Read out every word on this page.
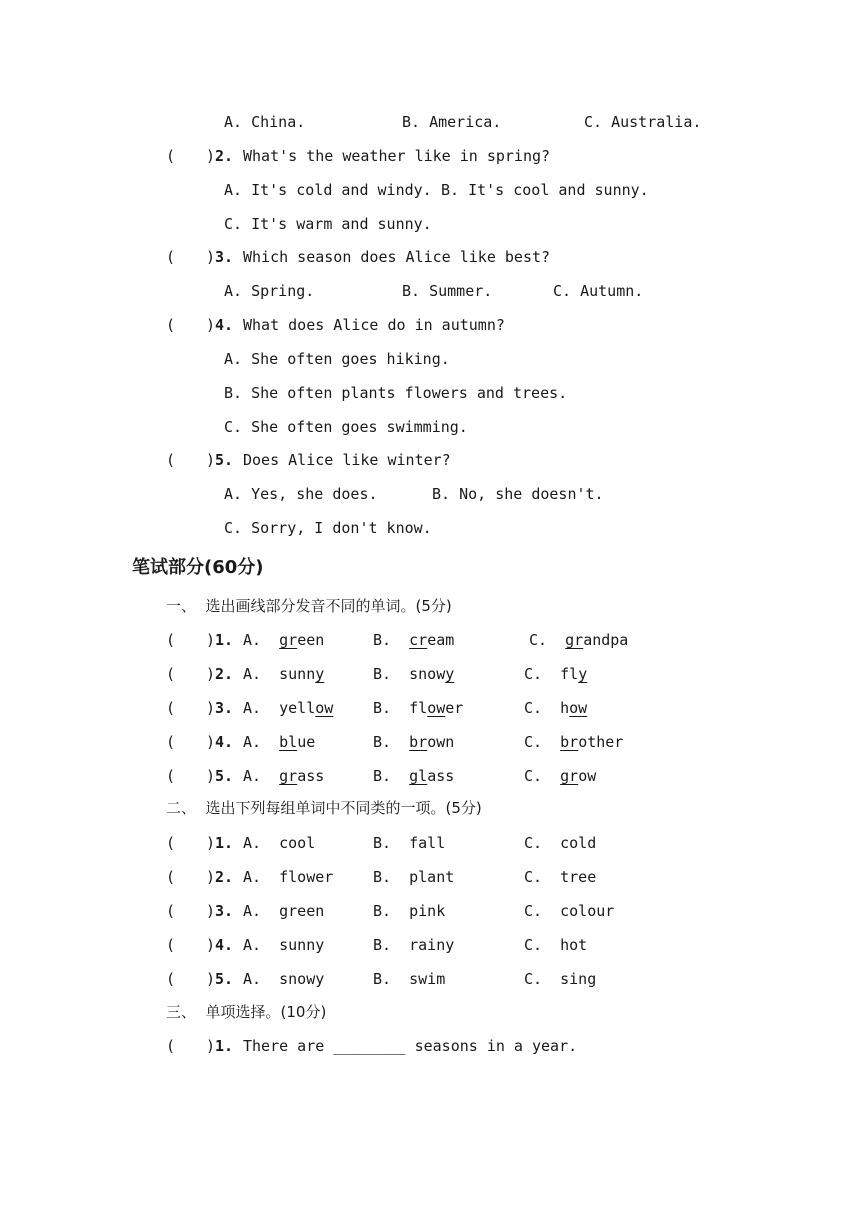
A. China.	B. America.	C. Australia.
( ) 2. What's the weather like in spring?
A. It's cold and windy. B. It's cool and sunny.
C. It's warm and sunny.
( ) 3. Which season does Alice like best?
A. Spring.	B. Summer.	C. Autumn.
( ) 4. What does Alice do in autumn?
A. She often goes hiking.
B. She often plants flowers and trees.
C. She often goes swimming.
( ) 5. Does Alice like winter?
A. Yes, she does.	B. No, she doesn't.
C. Sorry, I don't know.
笔试部分(60分)
一、  选出画线部分发音不同的单词。(5分)
( ) 1. A.  green	B.  cream	C.  grandpa
( ) 2. A.  sunny	B.  snowy	C.  fly
( ) 3. A.  yellow	B.  flower	C.  how
( ) 4. A.  blue	B.  brown	C.  brother
( ) 5. A.  grass	B.  glass	C.  grow
二、  选出下列每组单词中不同类的一项。(5分)
( ) 1. A.  cool	B.  fall	C.  cold
( ) 2. A.  flower	B.  plant	C.  tree
( ) 3. A.  green	B.  pink	C.  colour
( ) 4. A.  sunny	B.  rainy	C.  hot
( ) 5. A.  snowy	B.  swim	C.  sing
三、  单项选择。(10分)
( ) 1. There are ________ seasons in a year.
